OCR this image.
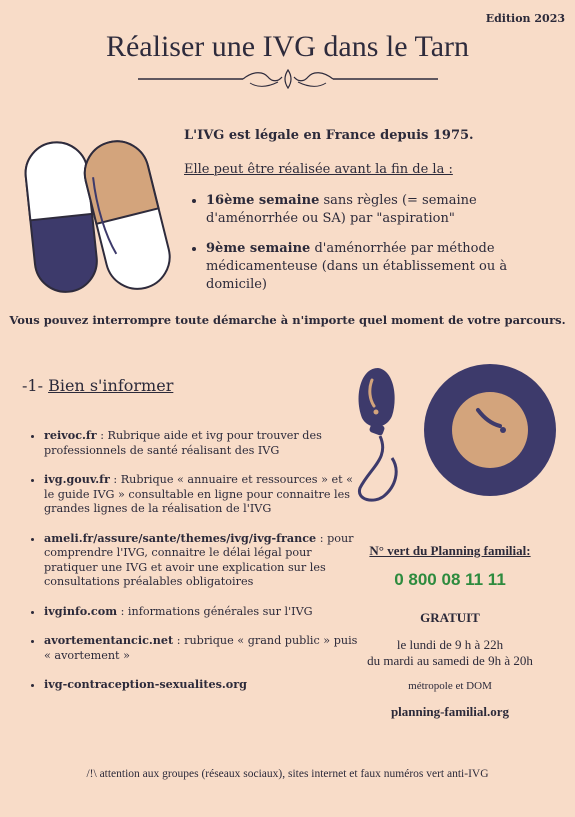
Edition 2023
Réaliser une IVG dans le Tarn
L'IVG est légale en France depuis 1975.
Elle peut être réalisée avant la fin de la :
• 16ème semaine sans règles (= semaine d'aménorrhée ou SA) par "aspiration"
• 9ème semaine d'aménorrhée par méthode médicamenteuse (dans un établissement ou à domicile)
Vous pouvez interrompre toute démarche à n'importe quel moment de votre parcours.
-1- Bien s'informer
• reivoc.fr : Rubrique aide et ivg pour trouver des professionnels de santé réalisant des IVG
• ivg.gouv.fr : Rubrique « annuaire et ressources » et « le guide IVG » consultable en ligne pour connaitre les grandes lignes de la réalisation de l'IVG
• ameli.fr/assure/sante/themes/ivg/ivg-france : pour comprendre l'IVG, connaitre le délai légal pour pratiquer une IVG et avoir une explication sur les consultations préalables obligatoires
• ivginfo.com : informations générales sur l'IVG
• avortementancic.net : rubrique « grand public » puis « avortement »
• ivg-contraception-sexualites.org
N° vert du Planning familial:
0 800 08 11 11
GRATUIT
le lundi de 9 h à 22h
du mardi au samedi de 9h à 20h
métropole et DOM
planning-familial.org
/!\ attention aux groupes (réseaux sociaux), sites internet et faux numéros vert anti-IVG
